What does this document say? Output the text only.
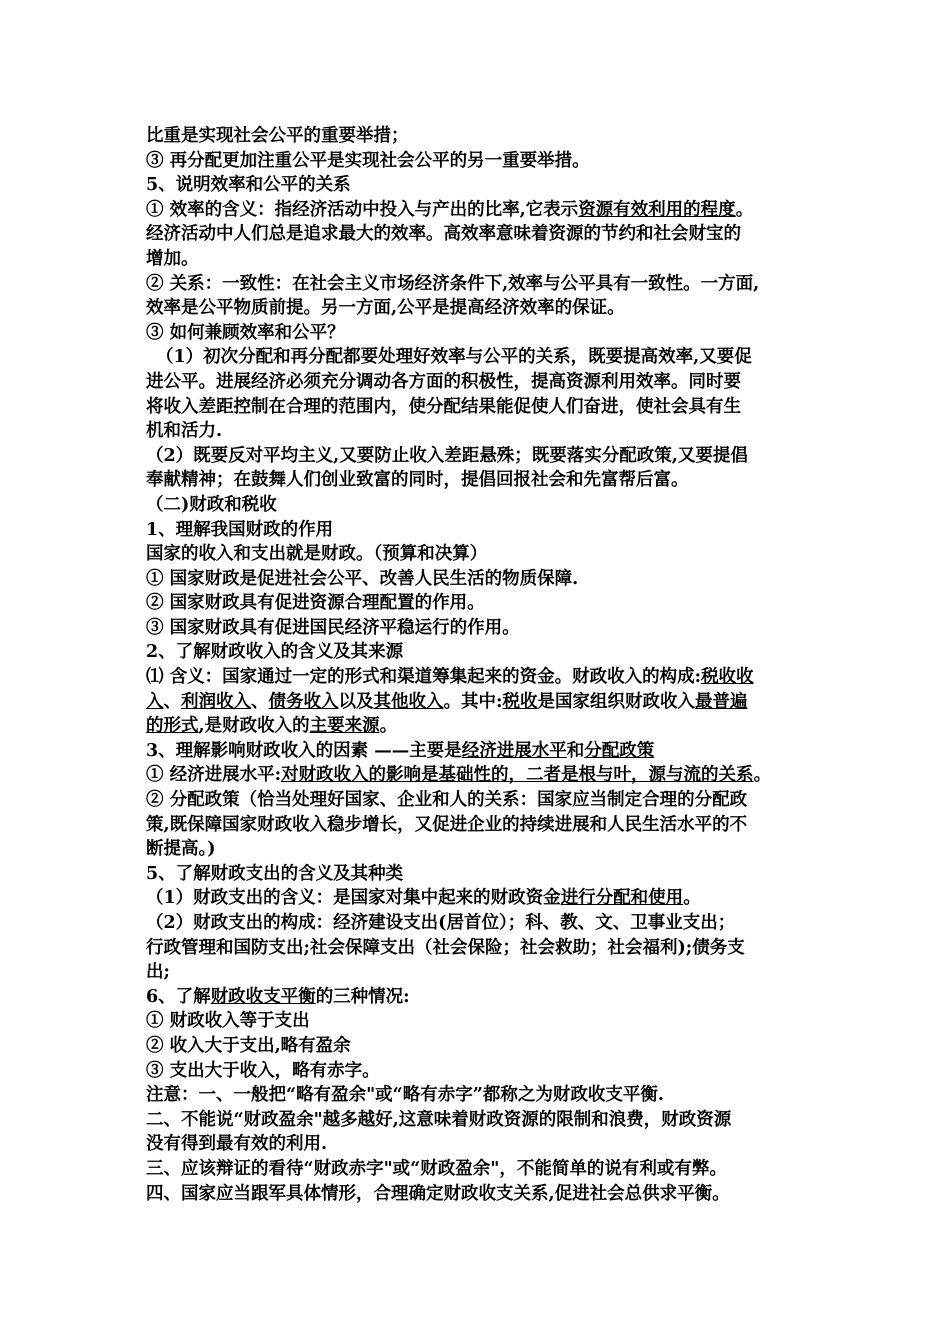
比重是实现社会公平的重要举措；
③ 再分配更加注重公平是实现社会公平的另一重要举措。
5、说明效率和公平的关系
① 效率的含义：指经济活动中投入与产出的比率,它表示资源有效利用的程度。
经济活动中人们总是追求最大的效率。高效率意味着资源的节约和社会财宝的
增加。
② 关系：一致性：在社会主义市场经济条件下,效率与公平具有一致性。一方面,
效率是公平物质前提。另一方面,公平是提高经济效率的保证。
③ 如何兼顾效率和公平？
（1）初次分配和再分配都要处理好效率与公平的关系，既要提高效率,又要促
进公平。进展经济必须充分调动各方面的积极性，提高资源利用效率。同时要
将收入差距控制在合理的范围内，使分配结果能促使人们奋进，使社会具有生
机和活力.
（2）既要反对平均主义,又要防止收入差距悬殊；既要落实分配政策,又要提倡
奉献精神；在鼓舞人们创业致富的同时，提倡回报社会和先富帮后富。
（二)财政和税收
1、理解我国财政的作用
国家的收入和支出就是财政。（预算和决算）
① 国家财政是促进社会公平、改善人民生活的物质保障.
② 国家财政具有促进资源合理配置的作用。
③ 国家财政具有促进国民经济平稳运行的作用。
2、了解财政收入的含义及其来源
⑴ 含义：国家通过一定的形式和渠道筹集起来的资金。财政收入的构成:税收收
入、利润收入、债务收入以及其他收入。其中:税收是国家组织财政收入最普遍
的形式,是财政收入的主要来源。
3、理解影响财政收入的因素 ——主要是经济进展水平和分配政策
① 经济进展水平:对财政收入的影响是基础性的，二者是根与叶，源与流的关系。
② 分配政策（恰当处理好国家、企业和人的关系：国家应当制定合理的分配政
策,既保障国家财政收入稳步增长，又促进企业的持续进展和人民生活水平的不
断提高。)
5、了解财政支出的含义及其种类
（1）财政支出的含义：是国家对集中起来的财政资金进行分配和使用。
（2）财政支出的构成：经济建设支出(居首位）；科、教、文、卫事业支出；
行政管理和国防支出;社会保障支出（社会保险；社会救助；社会福利);债务支
出;
6、了解财政收支平衡的三种情况:
① 财政收入等于支出
② 收入大于支出,略有盈余
③ 支出大于收入，略有赤字。
注意：一、一般把“略有盈余"或“略有赤字”都称之为财政收支平衡.
二、不能说“财政盈余"越多越好,这意味着财政资源的限制和浪费，财政资源
没有得到最有效的利用.
三、应该辩证的看待“财政赤字"或“财政盈余"，不能简单的说有利或有弊。
四、国家应当跟军具体情形，合理确定财政收支关系,促进社会总供求平衡。
